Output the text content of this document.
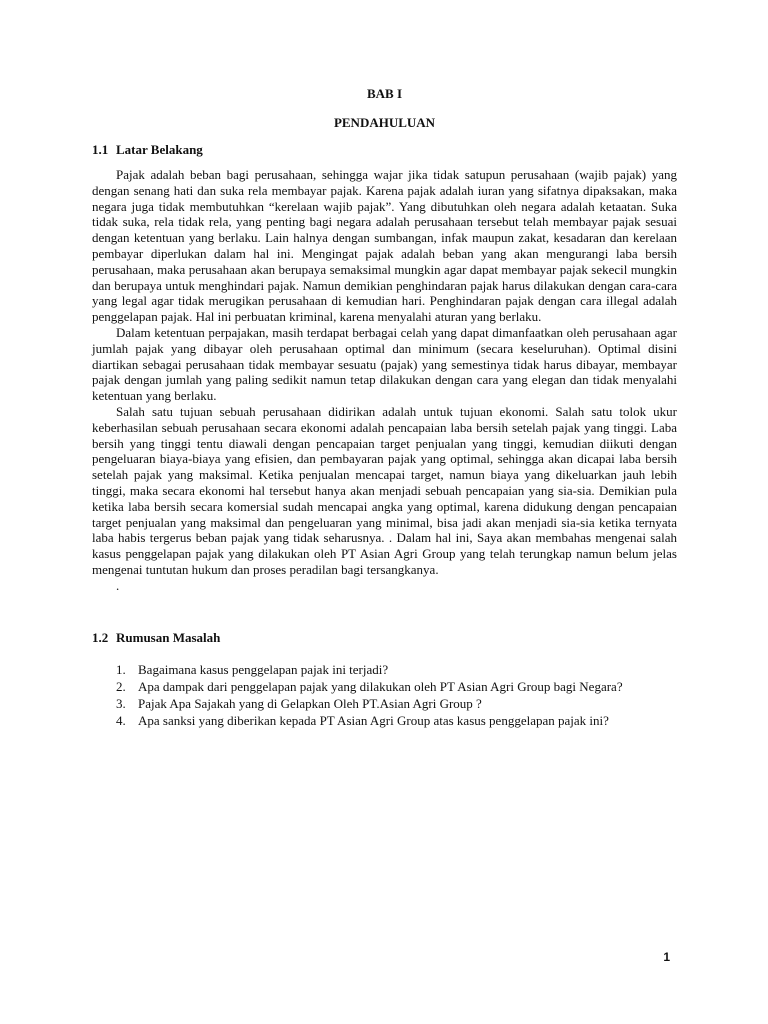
BAB I

PENDAHULUAN

1.1 Latar Belakang

Pajak adalah beban bagi perusahaan, sehingga wajar jika tidak satupun perusahaan (wajib pajak) yang dengan senang hati dan suka rela membayar pajak. Karena pajak adalah iuran yang sifatnya dipaksakan, maka negara juga tidak membutuhkan “kerelaan wajib pajak”. Yang dibutuhkan oleh negara adalah ketaatan. Suka tidak suka, rela tidak rela, yang penting bagi negara adalah perusahaan tersebut telah membayar pajak sesuai dengan ketentuan yang berlaku. Lain halnya dengan sumbangan, infak maupun zakat, kesadaran dan kerelaan pembayar diperlukan dalam hal ini. Mengingat pajak adalah beban yang akan mengurangi laba bersih perusahaan, maka perusahaan akan berupaya semaksimal mungkin agar dapat membayar pajak sekecil mungkin dan berupaya untuk menghindari pajak. Namun demikian penghindaran pajak harus dilakukan dengan cara-cara yang legal agar tidak merugikan perusahaan di kemudian hari. Penghindaran pajak dengan cara illegal adalah penggelapan pajak. Hal ini perbuatan kriminal, karena menyalahi aturan yang berlaku.

Dalam ketentuan perpajakan, masih terdapat berbagai celah yang dapat dimanfaatkan oleh perusahaan agar jumlah pajak yang dibayar oleh perusahaan optimal dan minimum (secara keseluruhan). Optimal disini diartikan sebagai perusahaan tidak membayar sesuatu (pajak) yang semestinya tidak harus dibayar, membayar pajak dengan jumlah yang paling sedikit namun tetap dilakukan dengan cara yang elegan dan tidak menyalahi ketentuan yang berlaku.

Salah satu tujuan sebuah perusahaan didirikan adalah untuk tujuan ekonomi. Salah satu tolok ukur keberhasilan sebuah perusahaan secara ekonomi adalah pencapaian laba bersih setelah pajak yang tinggi. Laba bersih yang tinggi tentu diawali dengan pencapaian target penjualan yang tinggi, kemudian diikuti dengan pengeluaran biaya-biaya yang efisien, dan pembayaran pajak yang optimal, sehingga akan dicapai laba bersih setelah pajak yang maksimal. Ketika penjualan mencapai target, namun biaya yang dikeluarkan jauh lebih tinggi, maka secara ekonomi hal tersebut hanya akan menjadi sebuah pencapaian yang sia-sia. Demikian pula ketika laba bersih secara komersial sudah mencapai angka yang optimal, karena didukung dengan pencapaian target penjualan yang maksimal dan pengeluaran yang minimal, bisa jadi akan menjadi sia-sia ketika ternyata laba habis tergerus beban pajak yang tidak seharusnya. . Dalam hal ini, Saya akan membahas mengenai salah kasus penggelapan pajak yang dilakukan oleh PT Asian Agri Group yang telah terungkap namun belum jelas mengenai tuntutan hukum dan proses peradilan bagi tersangkanya.

.

1.2 Rumusan Masalah
1. Bagaimana kasus penggelapan pajak ini terjadi?
2. Apa dampak dari penggelapan pajak yang dilakukan oleh PT Asian Agri Group bagi Negara?
3. Pajak Apa Sajakah yang di Gelapkan Oleh PT.Asian Agri Group ?
4. Apa sanksi yang diberikan kepada PT Asian Agri Group atas kasus penggelapan pajak ini?

1
